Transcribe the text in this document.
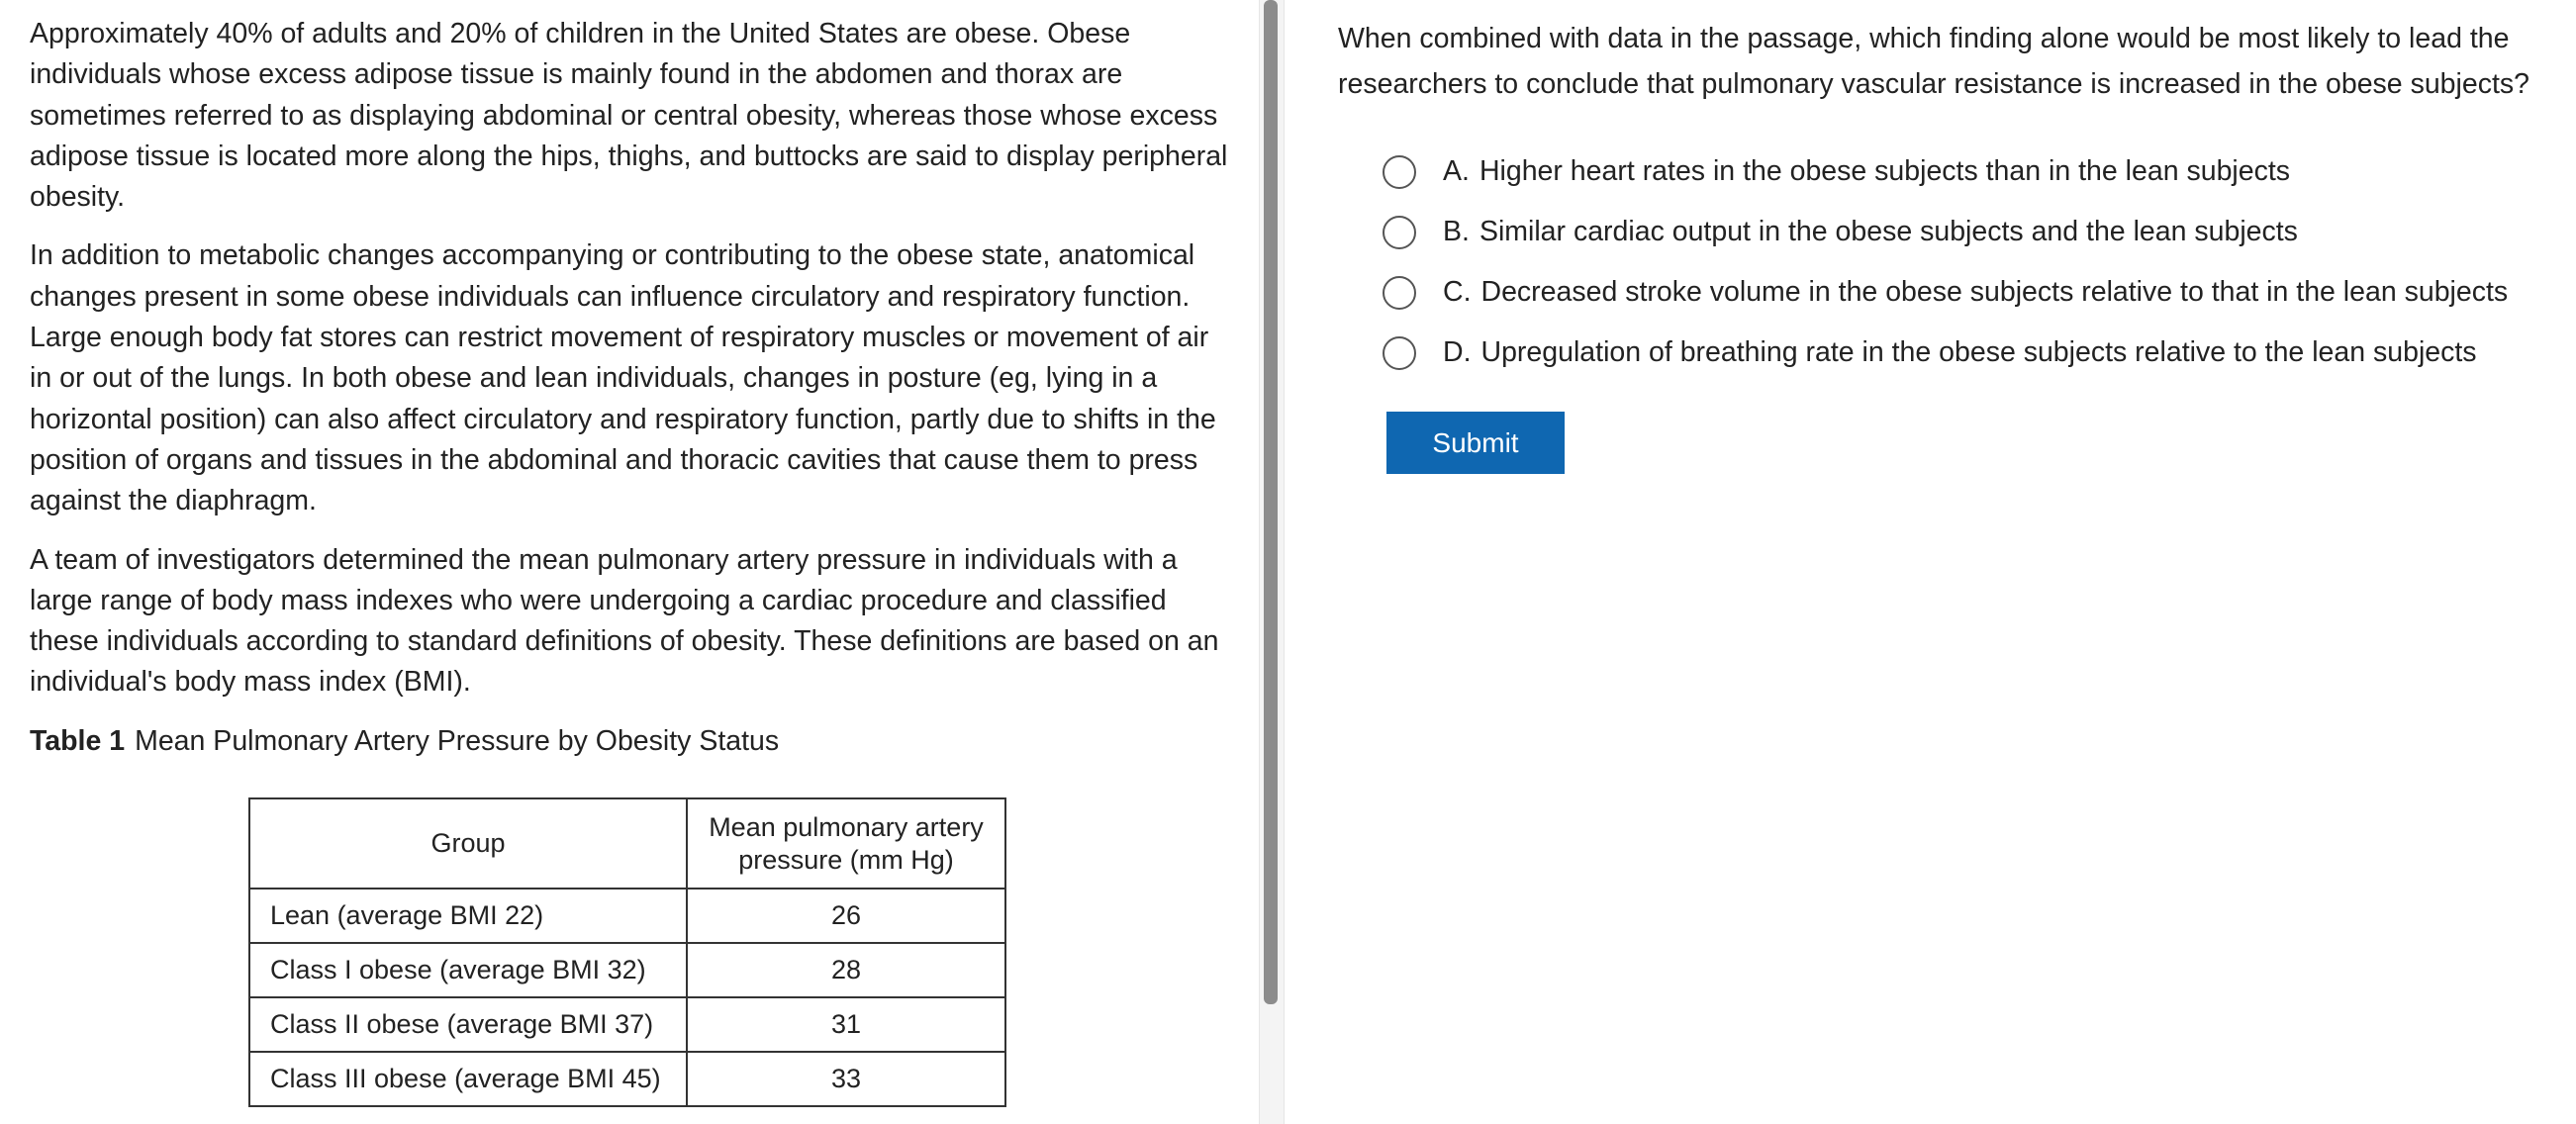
Approximately 40% of adults and 20% of children in the United States are obese. Obese individuals whose excess adipose tissue is mainly found in the abdomen and thorax are sometimes referred to as displaying abdominal or central obesity, whereas those whose excess adipose tissue is located more along the hips, thighs, and buttocks are said to display peripheral obesity.

In addition to metabolic changes accompanying or contributing to the obese state, anatomical changes present in some obese individuals can influence circulatory and respiratory function. Large enough body fat stores can restrict movement of respiratory muscles or movement of air in or out of the lungs. In both obese and lean individuals, changes in posture (eg, lying in a horizontal position) can also affect circulatory and respiratory function, partly due to shifts in the position of organs and tissues in the abdominal and thoracic cavities that cause them to press against the diaphragm.

A team of investigators determined the mean pulmonary artery pressure in individuals with a large range of body mass indexes who were undergoing a cardiac procedure and classified these individuals according to standard definitions of obesity. These definitions are based on an individual's body mass index (BMI).

Table 1 Mean Pulmonary Artery Pressure by Obesity Status

Group	Mean pulmonary artery pressure (mm Hg)
Lean (average BMI 22)	26
Class I obese (average BMI 32)	28
Class II obese (average BMI 37)	31
Class III obese (average BMI 45)	33
When combined with data in the passage, which finding alone would be most likely to lead the researchers to conclude that pulmonary vascular resistance is increased in the obese subjects?
A. Higher heart rates in the obese subjects than in the lean subjects
B. Similar cardiac output in the obese subjects and the lean subjects
C. Decreased stroke volume in the obese subjects relative to that in the lean subjects
D. Upregulation of breathing rate in the obese subjects relative to the lean subjects
Submit
